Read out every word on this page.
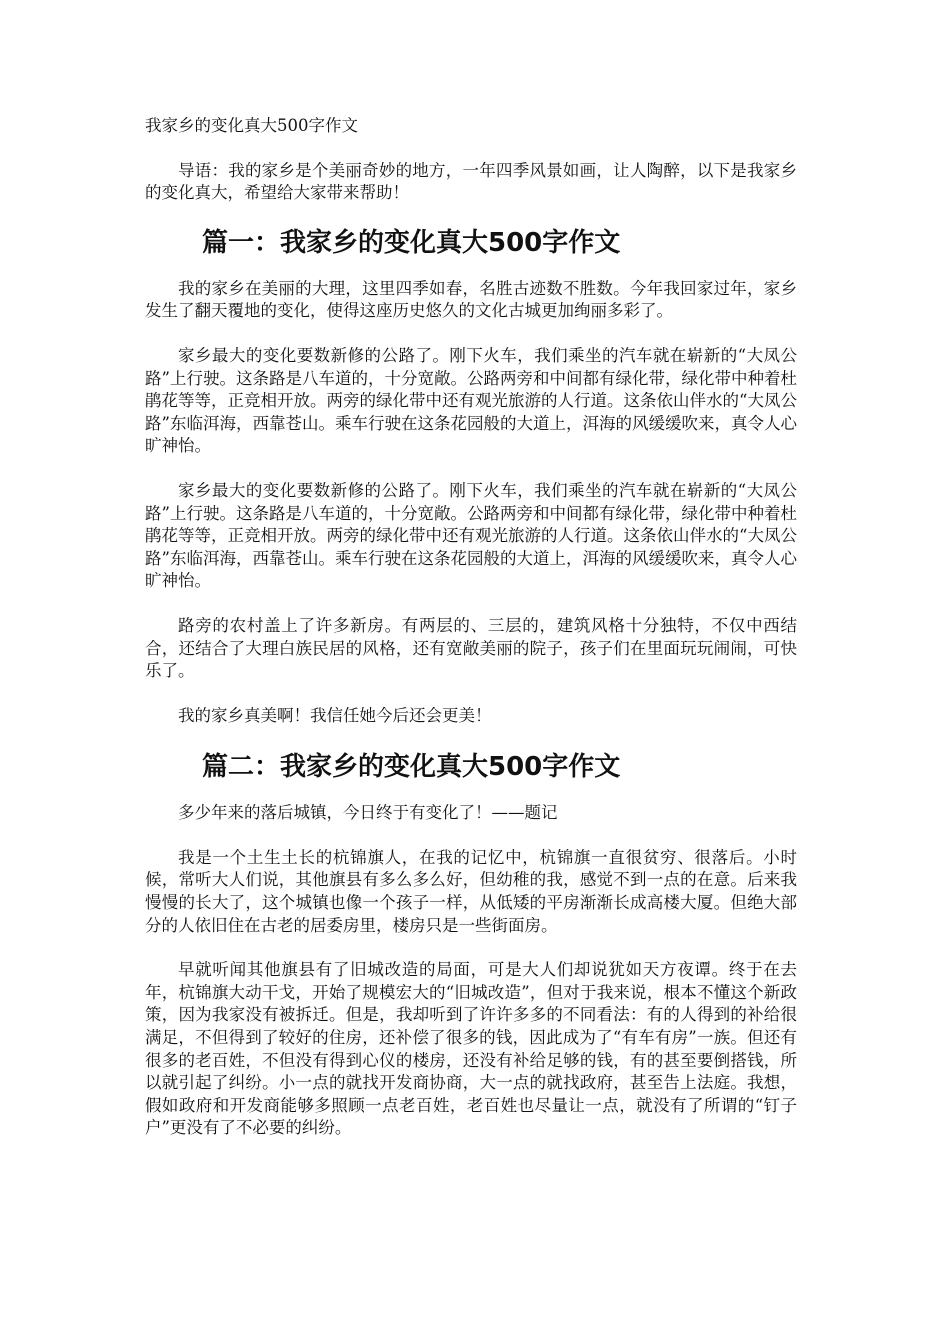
我家乡的变化真大500字作文

导语：我的家乡是个美丽奇妙的地方，一年四季风景如画，让人陶醉，以下是我家乡的变化真大，希望给大家带来帮助！

篇一：我家乡的变化真大500字作文

我的家乡在美丽的大理，这里四季如春，名胜古迹数不胜数。今年我回家过年，家乡发生了翻天覆地的变化，使得这座历史悠久的文化古城更加绚丽多彩了。

家乡最大的变化要数新修的公路了。刚下火车，我们乘坐的汽车就在崭新的“大凤公路”上行驶。这条路是八车道的，十分宽敞。公路两旁和中间都有绿化带，绿化带中种着杜鹃花等等，正竞相开放。两旁的绿化带中还有观光旅游的人行道。这条依山伴水的“大凤公路”东临洱海，西靠苍山。乘车行驶在这条花园般的大道上，洱海的风缓缓吹来，真令人心旷神怡。

家乡最大的变化要数新修的公路了。刚下火车，我们乘坐的汽车就在崭新的“大凤公路”上行驶。这条路是八车道的，十分宽敞。公路两旁和中间都有绿化带，绿化带中种着杜鹃花等等，正竞相开放。两旁的绿化带中还有观光旅游的人行道。这条依山伴水的“大凤公路”东临洱海，西靠苍山。乘车行驶在这条花园般的大道上，洱海的风缓缓吹来，真令人心旷神怡。

路旁的农村盖上了许多新房。有两层的、三层的，建筑风格十分独特，不仅中西结合，还结合了大理白族民居的风格，还有宽敞美丽的院子，孩子们在里面玩玩闹闹，可快乐了。

我的家乡真美啊！我信任她今后还会更美！

篇二：我家乡的变化真大500字作文

多少年来的落后城镇，今日终于有变化了！——题记

我是一个土生土长的杭锦旗人，在我的记忆中，杭锦旗一直很贫穷、很落后。小时候，常听大人们说，其他旗县有多么多么好，但幼稚的我，感觉不到一点的在意。后来我慢慢的长大了，这个城镇也像一个孩子一样，从低矮的平房渐渐长成高楼大厦。但绝大部分的人依旧住在古老的居委房里，楼房只是一些街面房。

早就听闻其他旗县有了旧城改造的局面，可是大人们却说犹如天方夜谭。终于在去年，杭锦旗大动干戈，开始了规模宏大的“旧城改造”，但对于我来说，根本不懂这个新政策，因为我家没有被拆迁。但是，我却听到了许许多多的不同看法：有的人得到的补给很满足，不但得到了较好的住房，还补偿了很多的钱，因此成为了“有车有房”一族。但还有很多的老百姓，不但没有得到心仪的楼房，还没有补给足够的钱，有的甚至要倒搭钱，所以就引起了纠纷。小一点的就找开发商协商，大一点的就找政府，甚至告上法庭。我想，假如政府和开发商能够多照顾一点老百姓，老百姓也尽量让一点，就没有了所谓的“钉子户”更没有了不必要的纠纷。
